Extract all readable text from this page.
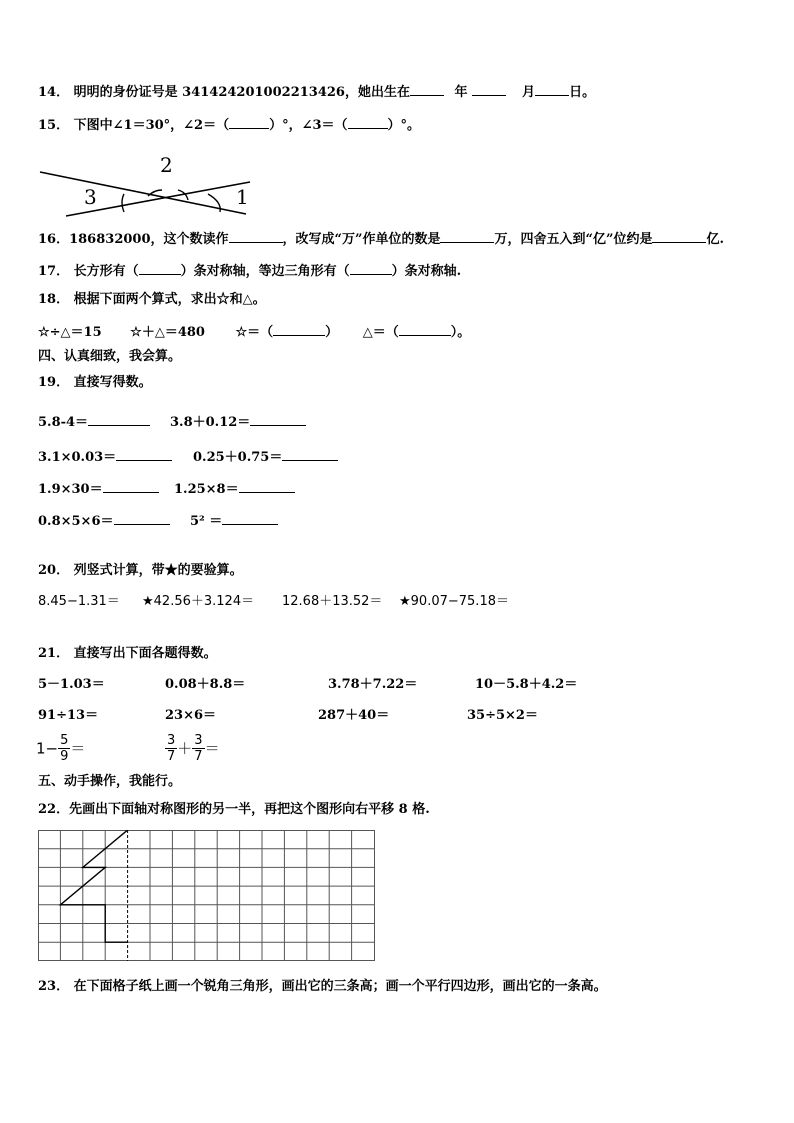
14． 明明的身份证号是 341424201002213426，她出生在	年	月	日。
15． 下图中∠1＝30°，∠2＝（	）°，∠3＝（	）°。
2
3	1
16．186832000，这个数读作	，改写成“万”作单位的数是	万，四舍五入到“亿”位约是	亿.
17． 长方形有（	）条对称轴，等边三角形有（	）条对称轴.
18． 根据下面两个算式，求出☆和△。
☆÷△＝15 ☆＋△＝480 ☆＝（	） △＝（	）。
四、认真细致，我会算。
19． 直接写得数。
5.8-4＝	3.8＋0.12＝
3.1×0.03＝	0.25＋0.75＝
1.9×30＝	1.25×8＝
0.8×5×6＝	5² ＝
20． 列竖式计算，带★的要验算。
8.45−1.31＝ ★42.56＋3.124＝ 12.68＋13.52＝ ★90.07−75.18＝
21． 直接写出下面各题得数。
5－1.03＝	0.08＋8.8＝	3.78＋7.22＝	10－5.8＋4.2＝
91÷13＝	23×6＝	287＋40＝	35÷5×2＝
$1- \frac{5}{9}$ ＝	$\frac{3}{7} + \frac{3}{7}$ ＝
五、动手操作，我能行。
22．先画出下面轴对称图形的另一半，再把这个图形向右平移 8 格.
23． 在下面格子纸上画一个锐角三角形，画出它的三条高；画一个平行四边形，画出它的一条高。
